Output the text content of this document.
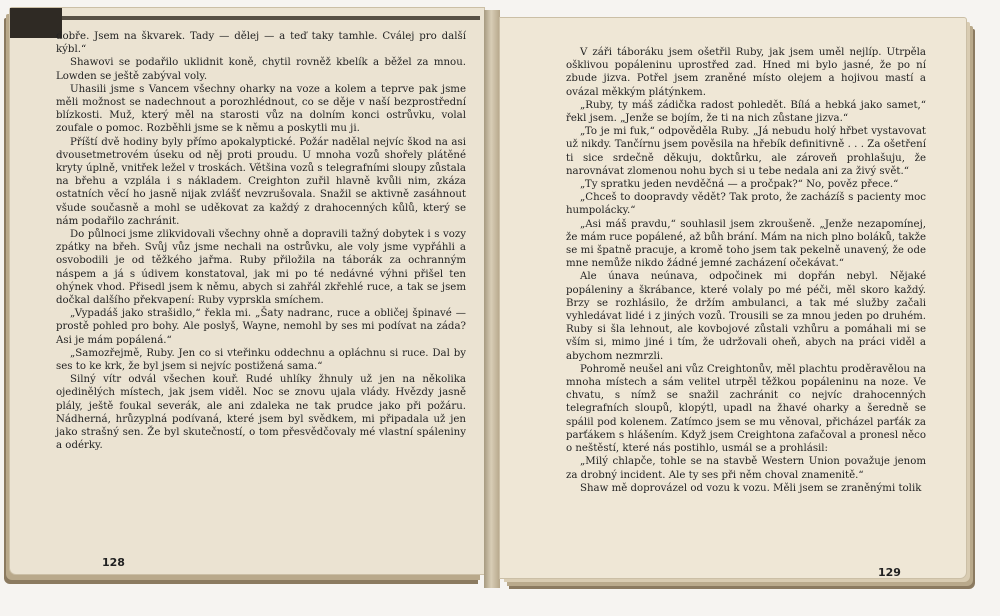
dobře. Jsem na škvarek. Tady — dělej — a teď taky tamhle. Cválej pro další kýbl.“

Shawovi se podařilo uklidnit koně, chytil rovněž kbelík a běžel za mnou. Lowden se ještě zabýval voly.

Uhasili jsme s Vancem všechny oharky na voze a kolem a teprve pak jsme měli možnost se nadechnout a porozhlédnout, co se děje v naší bezprostřední blízkosti. Muž, který měl na starosti vůz na dolním konci ostrůvku, volal zoufale o pomoc. Rozběhli jsme se k němu a poskytli mu ji.

Příští dvě hodiny byly přímo apokalyptické. Požár nadělal nejvíc škod na asi dvousetmetrovém úseku od něj proti proudu. U mnoha vozů shořely plátěné kryty úplně, vnitřek ležel v troskách. Většina vozů s telegrafními sloupy zůstala na břehu a vzplála i s nákladem. Creighton zuřil hlavně kvůli nim, zkáza ostatních věcí ho jasně nijak zvlášť nevzrušovala. Snažil se aktivně zasáhnout všude současně a mohl se uděkovat za každý z drahocenných kůlů, který se nám podařilo zachránit.

Do půlnoci jsme zlikvidovali všechny ohně a dopravili tažný dobytek i s vozy zpátky na břeh. Svůj vůz jsme nechali na ostrůvku, ale voly jsme vypřáhli a osvobodili je od těžkého jařma. Ruby přiložila na táborák za ochranným náspem a já s údivem konstatoval, jak mi po té nedávné výhni přišel ten ohýnek vhod. Přisedl jsem k němu, abych si zahřál zkřehlé ruce, a tak se jsem dočkal dalšího překvapení: Ruby vyprskla smíchem.

„Vypadáš jako strašidlo,“ řekla mi. „Šaty nadranc, ruce a obličej špinavé — prostě pohled pro bohy. Ale poslyš, Wayne, nemohl by ses mi podívat na záda? Asi je mám popálená.“

„Samozřejmě, Ruby. Jen co si vteřinku oddechnu a opláchnu si ruce. Dal by ses to ke krk, že byl jsem si nejvíc postižená sama.“

Silný vítr odvál všechen kouř. Rudé uhlíky žhnuly už jen na několika ojedinělých místech, jak jsem viděl. Noc se znovu ujala vlády. Hvězdy jasně plály, ještě foukal severák, ale ani zdaleka ne tak prudce jako při požáru. Nádherná, hrůzyplná podívaná, které jsem byl svědkem, mi připadala už jen jako strašný sen. Že byl skutečností, o tom přesvědčovaly mé vlastní spáleniny a odérky.

128

V záři táboráku jsem ošetřil Ruby, jak jsem uměl nejlíp. Utrpěla ošklivou popáleninu uprostřed zad. Hned mi bylo jasné, že po ní zbude jizva. Potřel jsem zraněné místo olejem a hojivou mastí a ovázal měkkým plátýnkem.

„Ruby, ty máš zádička radost pohledět. Bílá a hebká jako samet,“ řekl jsem. „Jenže se bojím, že ti na nich zůstane jizva.“

„To je mi fuk,“ odpověděla Ruby. „Já nebudu holý hřbet vystavovat už nikdy. Tančírnu jsem pověsila na hřebík definitivně . . . Za ošetření ti sice srdečně děkuju, doktůrku, ale zároveň prohlašuju, že narovnávat zlomenou nohu bych si u tebe nedala ani za živý svět.“

„Ty spratku jeden nevděčná — a pročpak?“ No, pověz přece.“

„Chceš to doopravdy vědět? Tak proto, že zacházíš s pacienty moc humpolácky.“

„Asi máš pravdu,“ souhlasil jsem zkroušeně. „Jenže nezapomínej, že mám ruce popálené, až bůh brání. Mám na nich plno boláků, takže se mi špatně pracuje, a kromě toho jsem tak pekelně unavený, že ode mne nemůže nikdo žádné jemné zacházení očekávat.“

Ale únava neúnava, odpočinek mi dopřán nebyl. Nějaké popáleniny a škrábance, které volaly po mé péči, měl skoro každý. Brzy se rozhlásilo, že držím ambulanci, a tak mé služby začali vyhledávat lidé i z jiných vozů. Trousili se za mnou jeden po druhém. Ruby si šla lehnout, ale kovbojové zůstali vzhůru a pomáhali mi se vším si, mimo jiné i tím, že udržovali oheň, abych na práci viděl a abychom nezmrzli.

Pohromě neušel ani vůz Creightonův, měl plachtu proděravělou na mnoha místech a sám velitel utrpěl těžkou popáleninu na noze. Ve chvatu, s nímž se snažil zachránit co nejvíc drahocenných telegrafních sloupů, klopýtl, upadl na žhavé oharky a šeredně se spálil pod kolenem. Zatímco jsem se mu věnoval, přicházel parťák za parťákem s hlášením. Když jsem Creightona zafačoval a pronesl něco o neštěstí, které nás postihlo, usmál se a prohlásil:

„Milý chlapče, tohle se na stavbě Western Union považuje jenom za drobný incident. Ale ty ses při něm choval znamenitě.“

Shaw mě doprovázel od vozu k vozu. Měli jsem se zraněnými tolik

129
